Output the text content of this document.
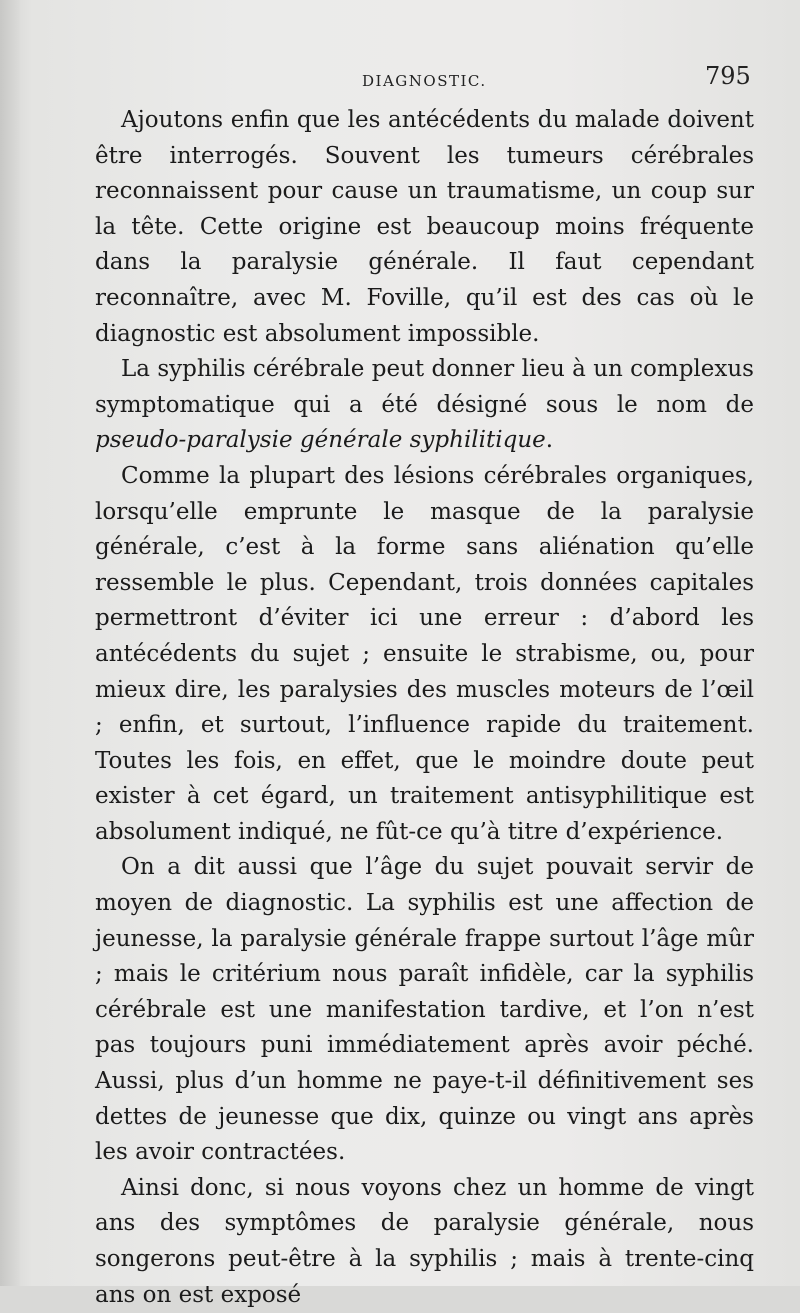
DIAGNOSTIC.	795

Ajoutons enfin que les antécédents du malade doivent être interrogés. Souvent les tumeurs cérébrales reconnaissent pour cause un traumatisme, un coup sur la tête. Cette origine est beaucoup moins fréquente dans la paralysie générale. Il faut cependant reconnaître, avec M. Foville, qu’il est des cas où le diagnostic est absolument impossible.

La syphilis cérébrale peut donner lieu à un complexus symptomatique qui a été désigné sous le nom de pseudo-paralysie générale syphilitique.

Comme la plupart des lésions cérébrales organiques, lorsqu’elle emprunte le masque de la paralysie générale, c’est à la forme sans aliénation qu’elle ressemble le plus. Cependant, trois données capitales permettront d’éviter ici une erreur : d’abord les antécédents du sujet ; ensuite le strabisme, ou, pour mieux dire, les paralysies des muscles moteurs de l’œil ; enfin, et surtout, l’influence rapide du traitement. Toutes les fois, en effet, que le moindre doute peut exister à cet égard, un traitement antisyphilitique est absolument indiqué, ne fût-ce qu’à titre d’expérience.

On a dit aussi que l’âge du sujet pouvait servir de moyen de diagnostic. La syphilis est une affection de jeunesse, la paralysie générale frappe surtout l’âge mûr ; mais le critérium nous paraît infidèle, car la syphilis cérébrale est une manifestation tardive, et l’on n’est pas toujours puni immédiatement après avoir péché. Aussi, plus d’un homme ne paye-t-il définitivement ses dettes de jeunesse que dix, quinze ou vingt ans après les avoir contractées.

Ainsi donc, si nous voyons chez un homme de vingt ans des symptômes de paralysie générale, nous songerons peut-être à la syphilis ; mais à trente-cinq ans on est exposé
